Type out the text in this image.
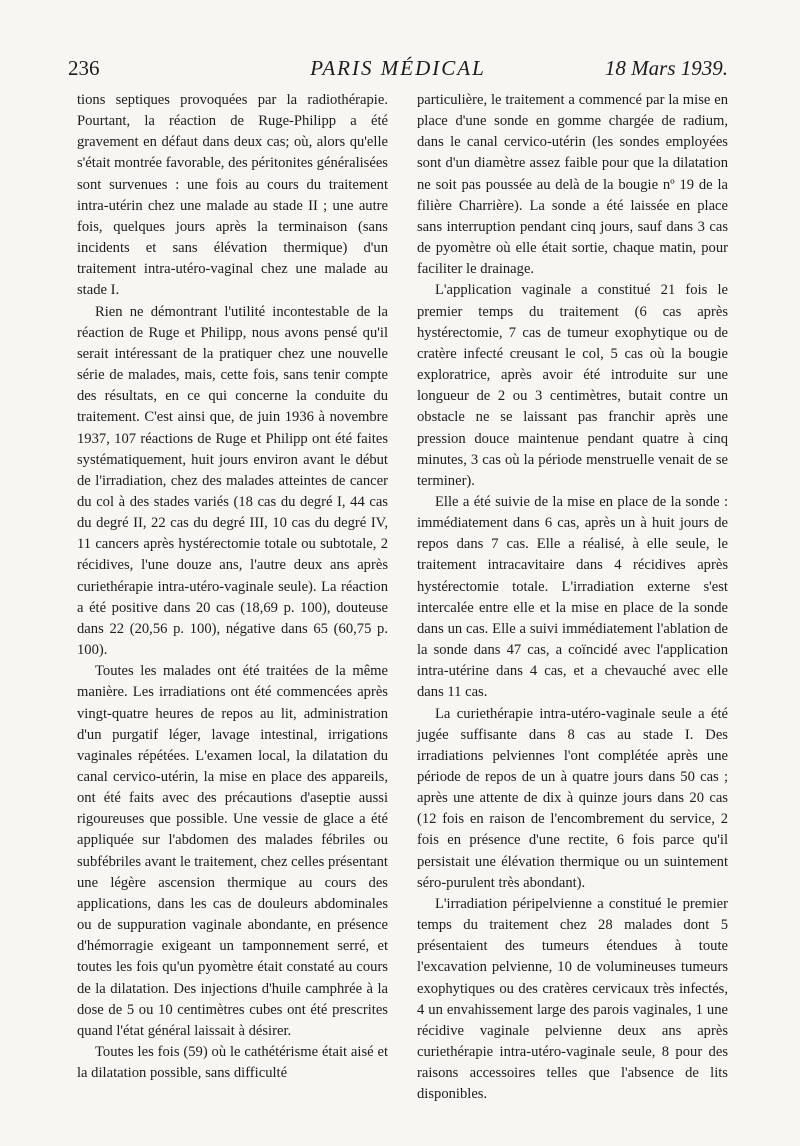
236	PARIS MÉDICAL	18 Mars 1939.

tions septiques provoquées par la radiothérapie. Pourtant, la réaction de Ruge-Philipp a été gravement en défaut dans deux cas; où, alors qu'elle s'était montrée favorable, des péritonites généralisées sont survenues : une fois au cours du traitement intra-utérin chez une malade au stade II ; une autre fois, quelques jours après la terminaison (sans incidents et sans élévation thermique) d'un traitement intra-utéro-vaginal chez une malade au stade I.

Rien ne démontrant l'utilité incontestable de la réaction de Ruge et Philipp, nous avons pensé qu'il serait intéressant de la pratiquer chez une nouvelle série de malades, mais, cette fois, sans tenir compte des résultats, en ce qui concerne la conduite du traitement. C'est ainsi que, de juin 1936 à novembre 1937, 107 réactions de Ruge et Philipp ont été faites systématiquement, huit jours environ avant le début de l'irradiation, chez des malades atteintes de cancer du col à des stades variés (18 cas du degré I, 44 cas du degré II, 22 cas du degré III, 10 cas du degré IV, 11 cancers après hystérectomie totale ou subtotale, 2 récidives, l'une douze ans, l'autre deux ans après curiethérapie intra-utéro-vaginale seule). La réaction a été positive dans 20 cas (18,69 p. 100), douteuse dans 22 (20,56 p. 100), négative dans 65 (60,75 p. 100).

Toutes les malades ont été traitées de la même manière. Les irradiations ont été commencées après vingt-quatre heures de repos au lit, administration d'un purgatif léger, lavage intestinal, irrigations vaginales répétées. L'examen local, la dilatation du canal cervico-utérin, la mise en place des appareils, ont été faits avec des précautions d'aseptie aussi rigoureuses que possible. Une vessie de glace a été appliquée sur l'abdomen des malades fébriles ou subfébriles avant le traitement, chez celles présentant une légère ascension thermique au cours des applications, dans les cas de douleurs abdominales ou de suppuration vaginale abondante, en présence d'hémorragie exigeant un tamponnement serré, et toutes les fois qu'un pyomètre était constaté au cours de la dilatation. Des injections d'huile camphrée à la dose de 5 ou 10 centimètres cubes ont été prescrites quand l'état général laissait à désirer.

Toutes les fois (59) où le cathétérisme était aisé et la dilatation possible, sans difficulté

particulière, le traitement a commencé par la mise en place d'une sonde en gomme chargée de radium, dans le canal cervico-utérin (les sondes employées sont d'un diamètre assez faible pour que la dilatation ne soit pas poussée au delà de la bougie nº 19 de la filière Charrière). La sonde a été laissée en place sans interruption pendant cinq jours, sauf dans 3 cas de pyomètre où elle était sortie, chaque matin, pour faciliter le drainage.

L'application vaginale a constitué 21 fois le premier temps du traitement (6 cas après hystérectomie, 7 cas de tumeur exophytique ou de cratère infecté creusant le col, 5 cas où la bougie exploratrice, après avoir été introduite sur une longueur de 2 ou 3 centimètres, butait contre un obstacle ne se laissant pas franchir après une pression douce maintenue pendant quatre à cinq minutes, 3 cas où la période menstruelle venait de se terminer).

Elle a été suivie de la mise en place de la sonde : immédiatement dans 6 cas, après un à huit jours de repos dans 7 cas. Elle a réalisé, à elle seule, le traitement intracavitaire dans 4 récidives après hystérectomie totale. L'irradiation externe s'est intercalée entre elle et la mise en place de la sonde dans un cas. Elle a suivi immédiatement l'ablation de la sonde dans 47 cas, a coïncidé avec l'application intra-utérine dans 4 cas, et a chevauché avec elle dans 11 cas.

La curiethérapie intra-utéro-vaginale seule a été jugée suffisante dans 8 cas au stade I. Des irradiations pelviennes l'ont complétée après une période de repos de un à quatre jours dans 50 cas ; après une attente de dix à quinze jours dans 20 cas (12 fois en raison de l'encombrement du service, 2 fois en présence d'une rectite, 6 fois parce qu'il persistait une élévation thermique ou un suintement séro-purulent très abondant).

L'irradiation péripelvienne a constitué le premier temps du traitement chez 28 malades dont 5 présentaient des tumeurs étendues à toute l'excavation pelvienne, 10 de volumineuses tumeurs exophytiques ou des cratères cervicaux très infectés, 4 un envahissement large des parois vaginales, 1 une récidive vaginale pelvienne deux ans après curiethérapie intra-utéro-vaginale seule, 8 pour des raisons accessoires telles que l'absence de lits disponibles.
